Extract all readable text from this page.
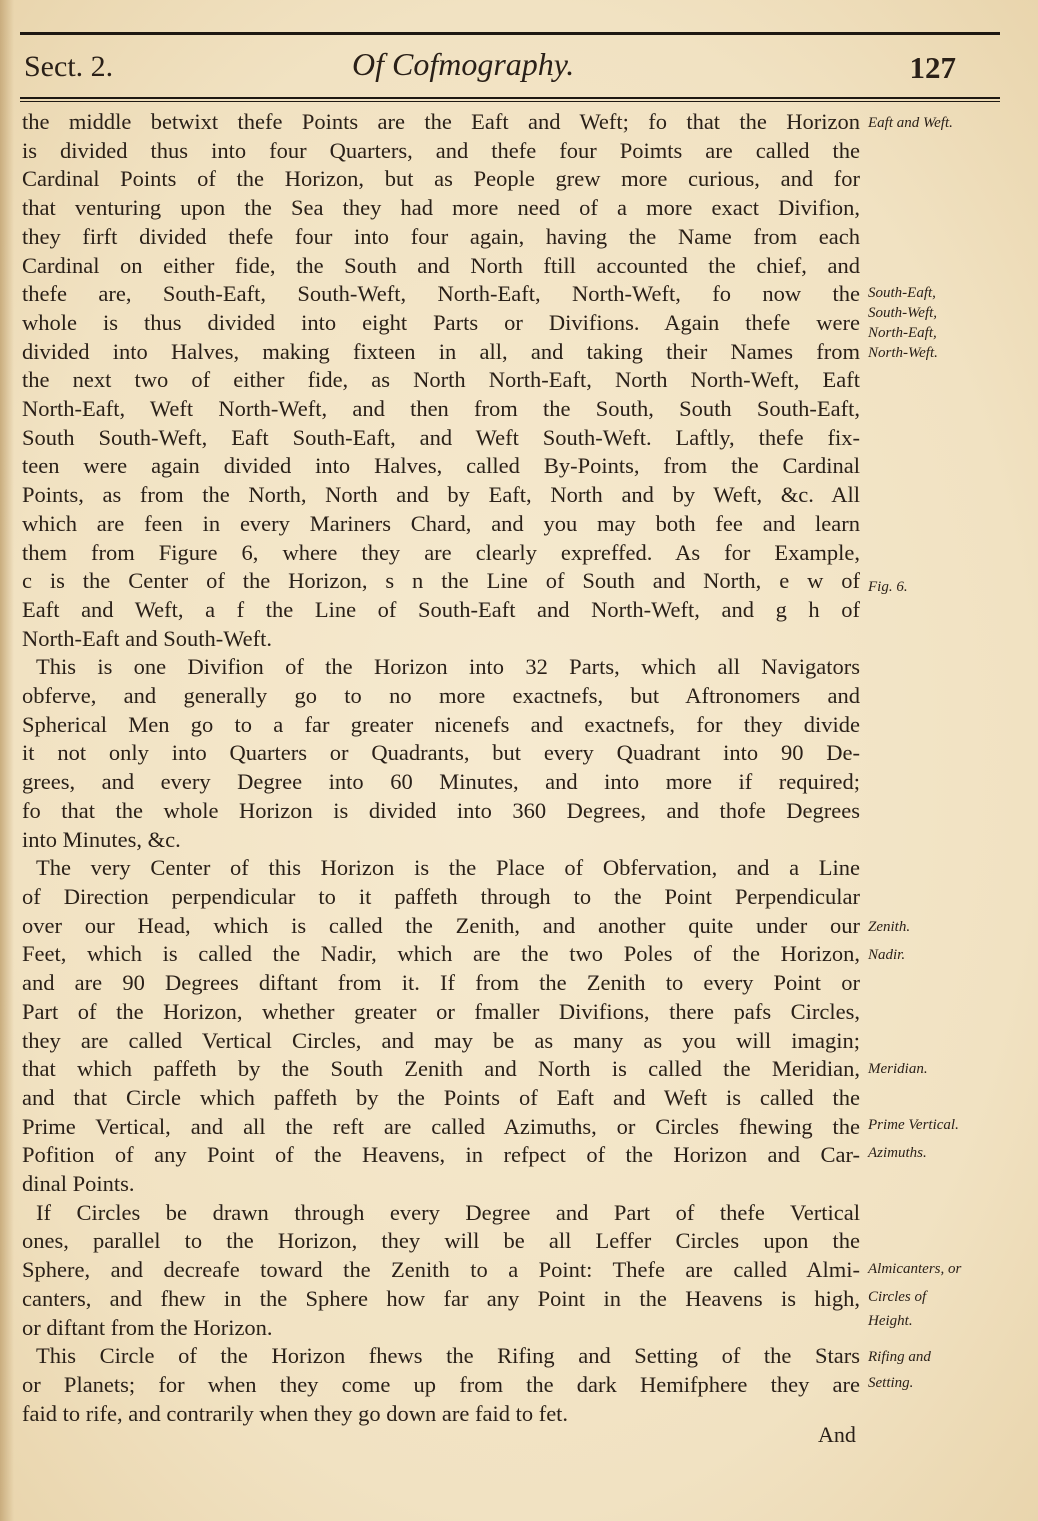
Sect. 2.	Of Cofmography.	127

the middle betwixt thefe Points are the Eaft and Weft; fo that the Horizon

is divided thus into four Quarters, and thefe four Poimts are called the

Cardinal Points of the Horizon, but as People grew more curious, and for

that venturing upon the Sea they had more need of a more exact Divifion,

they firft divided thefe four into four again, having the Name from each

Cardinal on either fide, the South and North ftill accounted the chief, and

thefe are, South-Eaft, South-Weft, North-Eaft, North-Weft, fo now the

whole is thus divided into eight Parts or Divifions. Again thefe were

divided into Halves, making fixteen in all, and taking their Names from

the next two of either fide, as North North-Eaft, North North-Weft, Eaft

North-Eaft, Weft North-Weft, and then from the South, South South-Eaft,

South South-Weft, Eaft South-Eaft, and Weft South-Weft. Laftly, thefe fix-

teen were again divided into Halves, called By-Points, from the Cardinal

Points, as from the North, North and by Eaft, North and by Weft, &c. All

which are feen in every Mariners Chard, and you may both fee and learn

them from Figure 6, where they are clearly expreffed. As for Example,

c is the Center of the Horizon, s n the Line of South and North, e w of

Eaft and Weft, a f the Line of South-Eaft and North-Weft, and g h of

North-Eaft and South-Weft.

This is one Divifion of the Horizon into 32 Parts, which all Navigators

obferve, and generally go to no more exactnefs, but Aftronomers and

Spherical Men go to a far greater nicenefs and exactnefs, for they divide

it not only into Quarters or Quadrants, but every Quadrant into 90 De-

grees, and every Degree into 60 Minutes, and into more if required;

fo that the whole Horizon is divided into 360 Degrees, and thofe Degrees

into Minutes, &c.

The very Center of this Horizon is the Place of Obfervation, and a Line

of Direction perpendicular to it paffeth through to the Point Perpendicular

over our Head, which is called the Zenith, and another quite under our

Feet, which is called the Nadir, which are the two Poles of the Horizon,

and are 90 Degrees diftant from it. If from the Zenith to every Point or

Part of the Horizon, whether greater or fmaller Divifions, there pafs Circles,

they are called Vertical Circles, and may be as many as you will imagin;

that which paffeth by the South Zenith and North is called the Meridian,

and that Circle which paffeth by the Points of Eaft and Weft is called the

Prime Vertical, and all the reft are called Azimuths, or Circles fhewing the

Pofition of any Point of the Heavens, in refpect of the Horizon and Car-

dinal Points.

If Circles be drawn through every Degree and Part of thefe Vertical

ones, parallel to the Horizon, they will be all Leffer Circles upon the

Sphere, and decreafe toward the Zenith to a Point: Thefe are called Almi-

canters, and fhew in the Sphere how far any Point in the Heavens is high,

or diftant from the Horizon.

This Circle of the Horizon fhews the Rifing and Setting of the Stars

or Planets; for when they come up from the dark Hemifphere they are

faid to rife, and contrarily when they go down are faid to fet.

Eaft and Weft.
South-Eaft,
South-Weft,
North-Eaft,
North-Weft.
Fig. 6.
Zenith.
Nadir.
Meridian.
Prime Vertical.
Azimuths.
Almicanters, or
Circles of
Height.
Rifing and
Setting.
And
